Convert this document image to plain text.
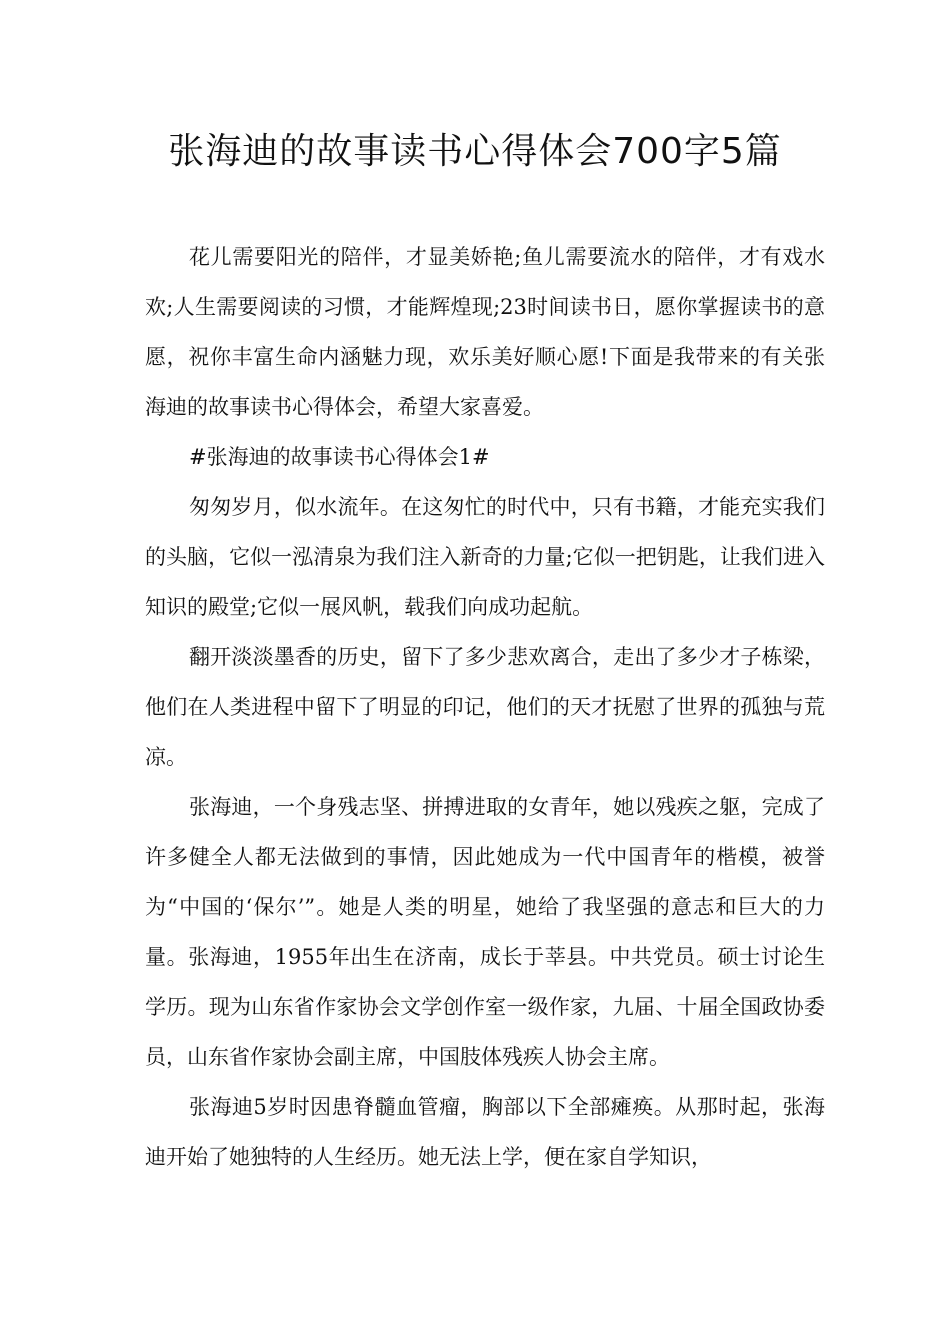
张海迪的故事读书心得体会700字5篇

花儿需要阳光的陪伴，才显美娇艳;鱼儿需要流水的陪伴，才有戏水欢;人生需要阅读的习惯，才能辉煌现;23时间读书日，愿你掌握读书的意愿，祝你丰富生命内涵魅力现，欢乐美好顺心愿!下面是我带来的有关张海迪的故事读书心得体会，希望大家喜爱。

#张海迪的故事读书心得体会1#

匆匆岁月，似水流年。在这匆忙的时代中，只有书籍，才能充实我们的头脑，它似一泓清泉为我们注入新奇的力量;它似一把钥匙，让我们进入知识的殿堂;它似一展风帆，载我们向成功起航。

翻开淡淡墨香的历史，留下了多少悲欢离合，走出了多少才子栋梁，他们在人类进程中留下了明显的印记，他们的天才抚慰了世界的孤独与荒凉。

张海迪，一个身残志坚、拼搏进取的女青年，她以残疾之躯，完成了许多健全人都无法做到的事情，因此她成为一代中国青年的楷模，被誉为“中国的‘保尔’”。她是人类的明星，她给了我坚强的意志和巨大的力量。张海迪，1955年出生在济南，成长于莘县。中共党员。硕士讨论生学历。现为山东省作家协会文学创作室一级作家，九届、十届全国政协委员，山东省作家协会副主席，中国肢体残疾人协会主席。

张海迪5岁时因患脊髓血管瘤，胸部以下全部瘫痪。从那时起，张海迪开始了她独特的人生经历。她无法上学，便在家自学知识，
